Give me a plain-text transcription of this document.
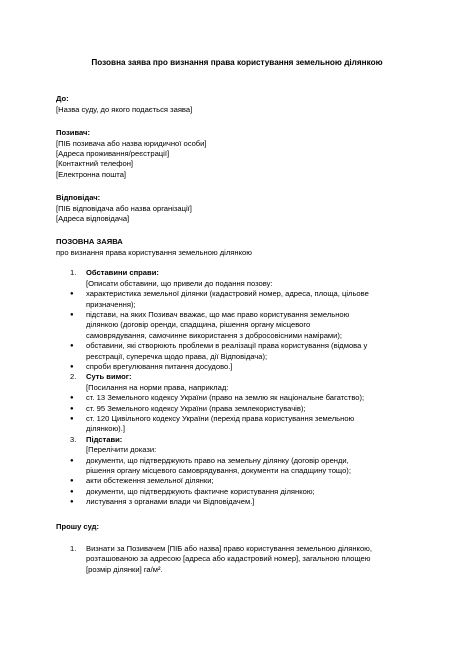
Позовна заява про визнання права користування земельною ділянкою

До:

[Назва суду, до якого подається заява]

Позивач:

[ПІБ позивача або назва юридичної особи]

[Адреса проживання/реєстрації]

[Контактний телефон]

[Електронна пошта]

Відповідач:

[ПІБ відповідача або назва організації]

[Адреса відповідача]

ПОЗОВНА ЗАЯВА

про визнання права користування земельною ділянкою

1. Обставини справи:
[Описати обставини, що привели до подання позову:
● характеристика земельної ділянки (кадастровий номер, адреса, площа, цільове
призначення);
● підстави, на яких Позивач вважає, що має право користування земельною
ділянкою (договір оренди, спадщина, рішення органу місцевого
самоврядування, самочинне використання з добросовісними намірами);
● обставини, які створюють проблеми в реалізації права користування (відмова у
реєстрації, суперечка щодо права, дії Відповідача);
● спроби врегулювання питання досудово.]
2. Суть вимог:
[Посилання на норми права, наприклад:
● ст. 13 Земельного кодексу України (право на землю як національне багатство);
● ст. 95 Земельного кодексу України (права землекористувачів);
● ст. 120 Цивільного кодексу України (перехід права користування земельною
ділянкою).]
3. Підстави:
[Перелічити докази:
● документи, що підтверджують право на земельну ділянку (договір оренди,
рішення органу місцевого самоврядування, документи на спадщину тощо);
● акти обстеження земельної ділянки;
● документи, що підтверджують фактичне користування ділянкою;
● листування з органами влади чи Відповідачем.]

Прошу суд:

1. Визнати за Позивачем [ПІБ або назва] право користування земельною ділянкою,
розташованою за адресою [адреса або кадастровий номер], загальною площею
[розмір ділянки] га/м².
